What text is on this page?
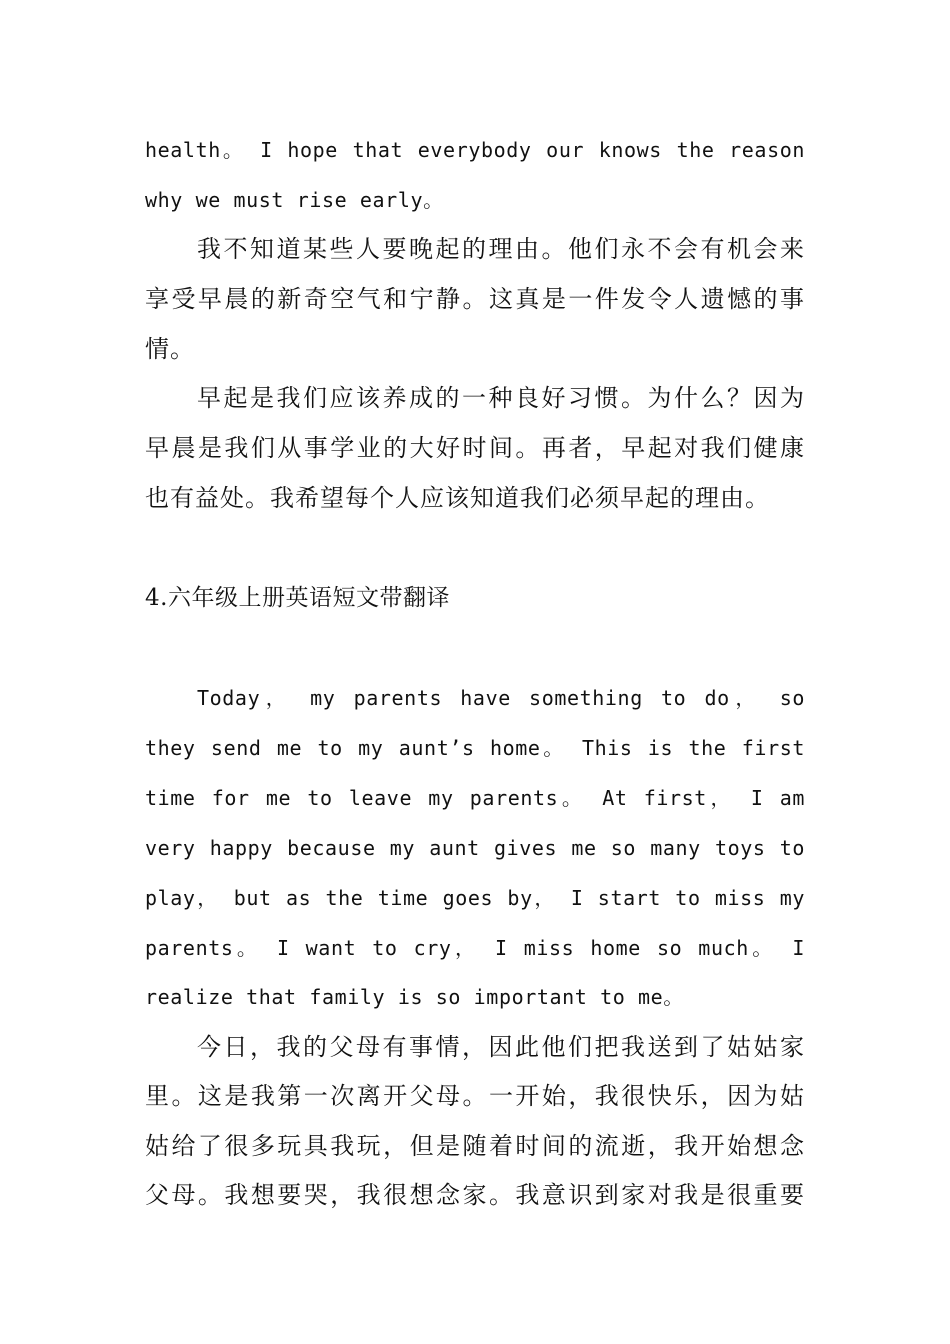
health。 I hope that everybody our knows the reason
why we must rise early。
我不知道某些人要晚起的理由。他们永不会有机会来
享受早晨的新奇空气和宁静。这真是一件发令人遗憾的事
情。
早起是我们应该养成的一种良好习惯。为什么？因为
早晨是我们从事学业的大好时间。再者，早起对我们健康
也有益处。我希望每个人应该知道我们必须早起的理由。
4.六年级上册英语短文带翻译
Today， my parents have something to do， so
they send me to my aunt’s home。 This is the first
time for me to leave my parents。 At first， I am
very happy because my aunt gives me so many toys to
play， but as the time goes by， I start to miss my
parents。 I want to cry， I miss home so much。 I
realize that family is so important to me。
今日，我的父母有事情，因此他们把我送到了姑姑家
里。这是我第一次离开父母。一开始，我很快乐，因为姑
姑给了很多玩具我玩，但是随着时间的流逝，我开始想念
父母。我想要哭，我很想念家。我意识到家对我是很重要
